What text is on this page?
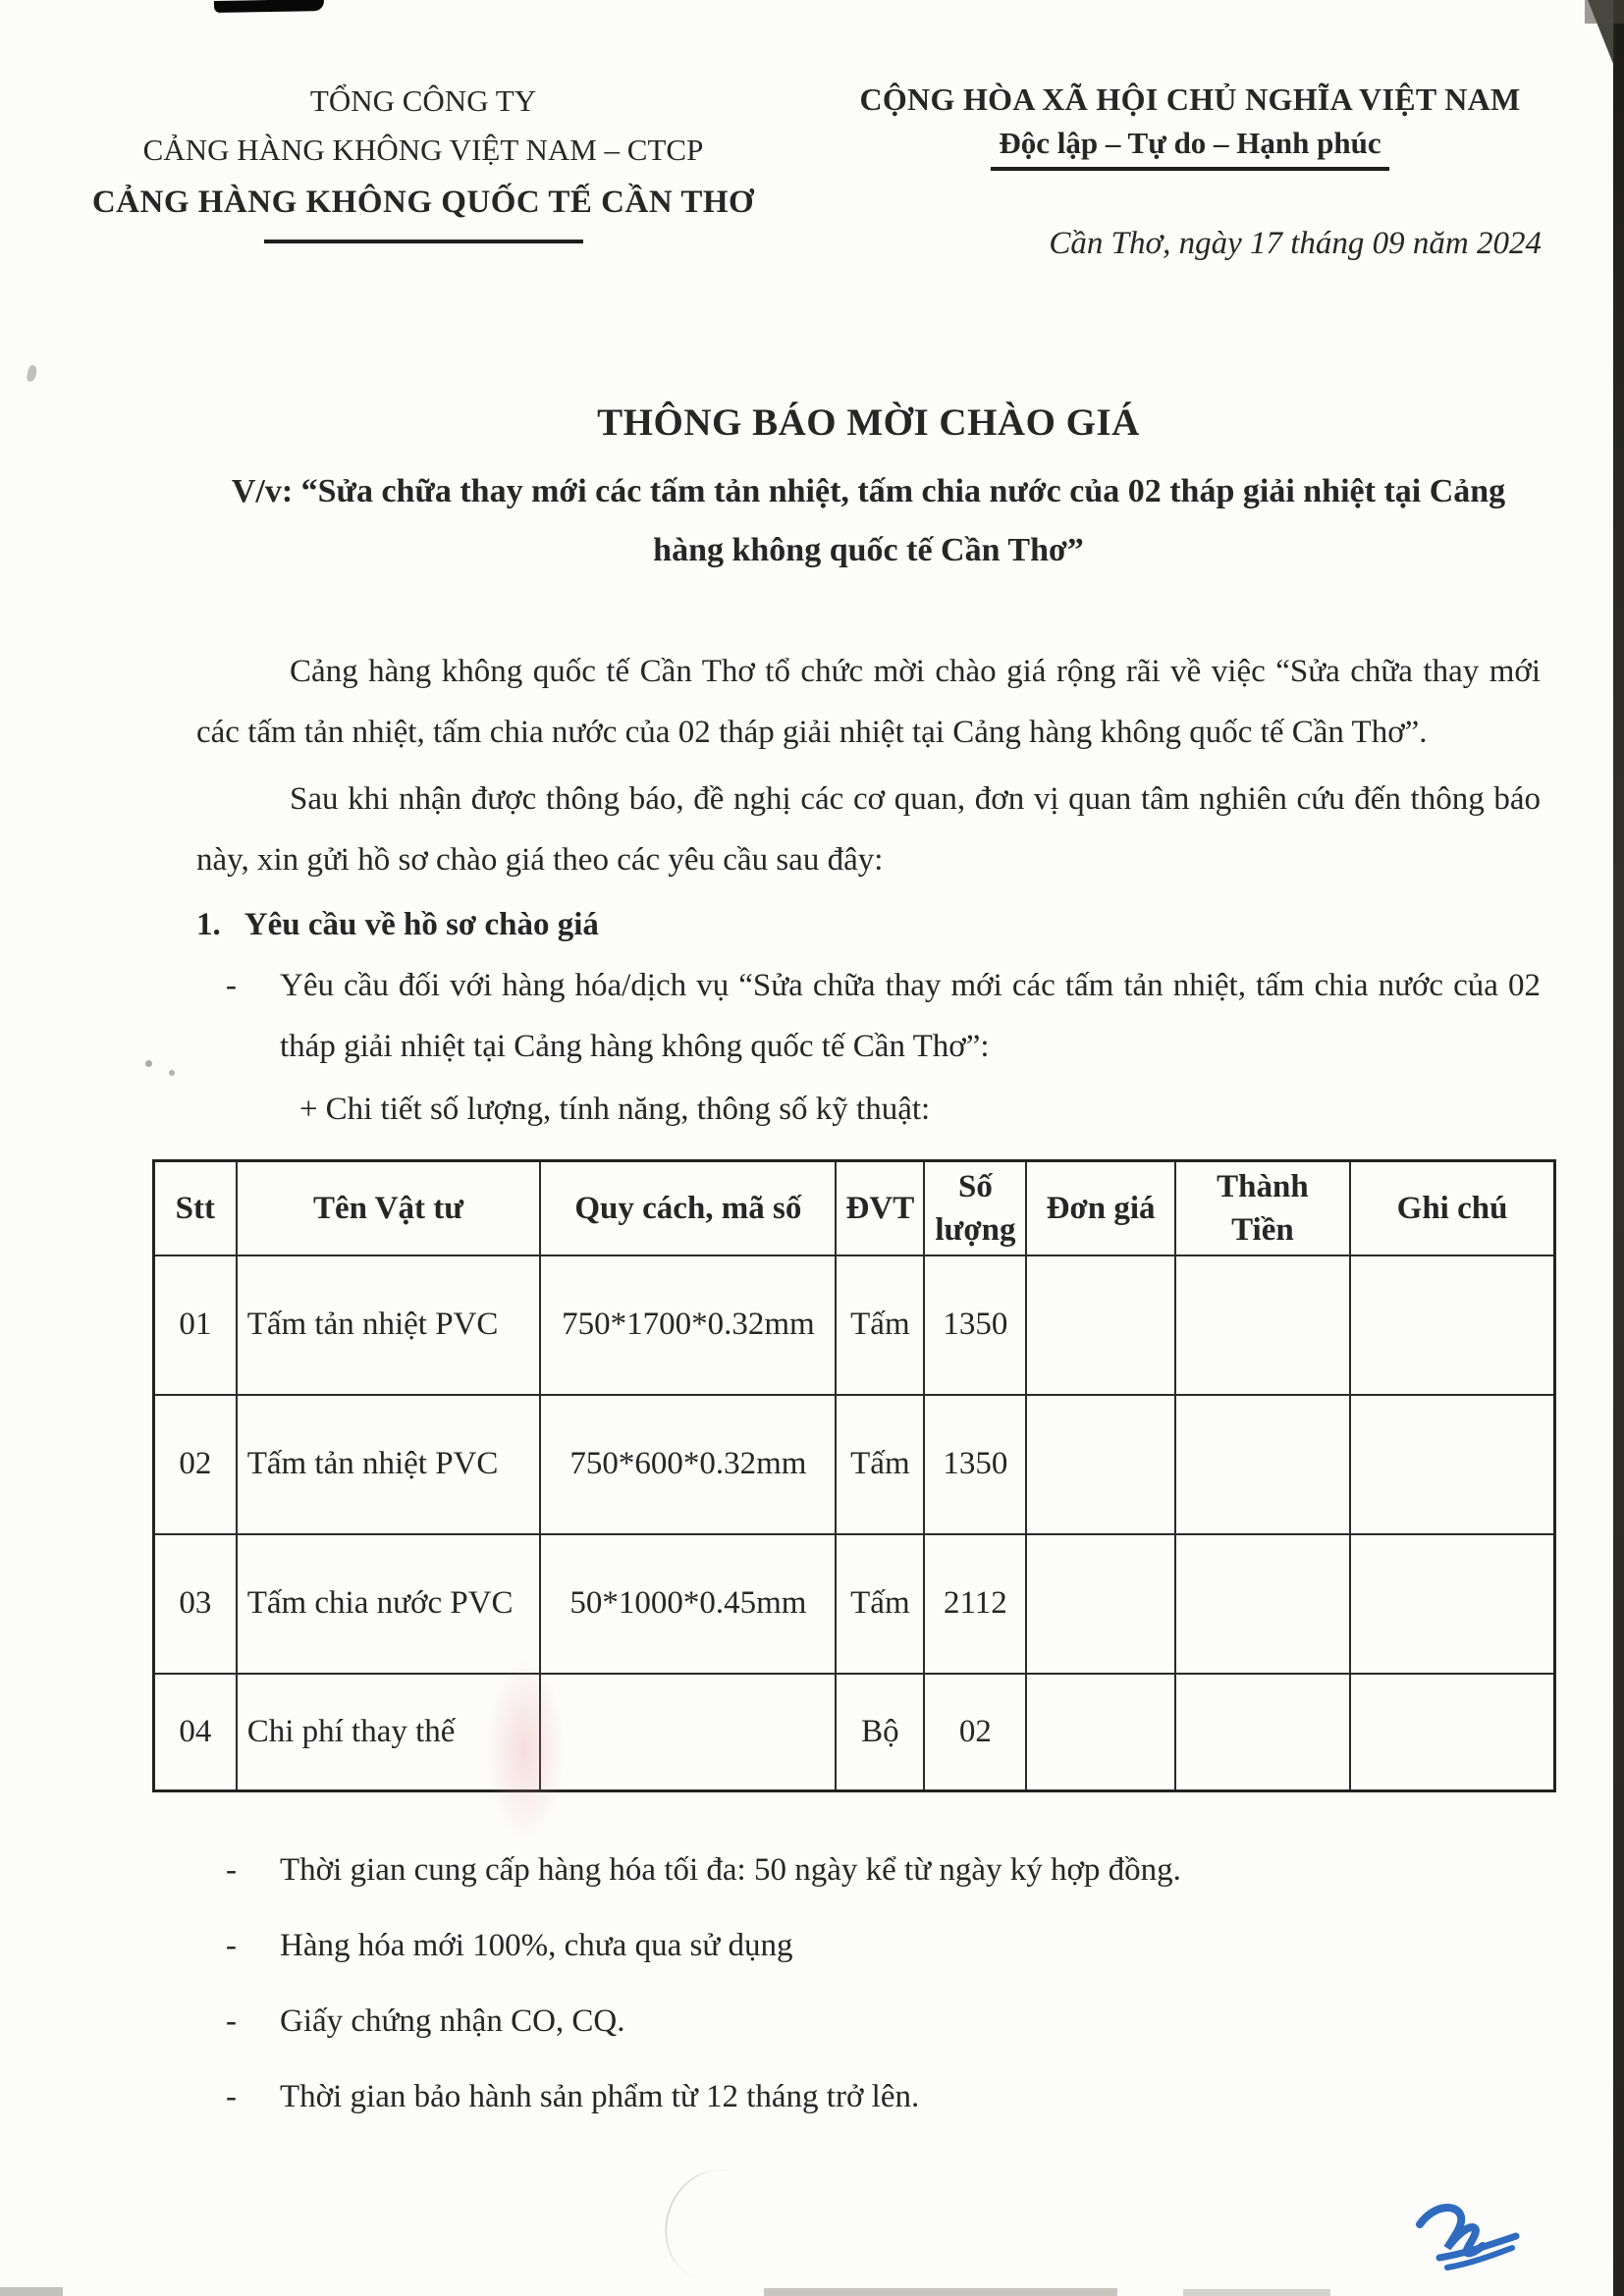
TỔNG CÔNG TY
CẢNG HÀNG KHÔNG VIỆT NAM – CTCP
CẢNG HÀNG KHÔNG QUỐC TẾ CẦN THƠ
CỘNG HÒA XÃ HỘI CHỦ NGHĨA VIỆT NAM
Độc lập – Tự do – Hạnh phúc
Cần Thơ, ngày 17 tháng 09 năm 2024
THÔNG BÁO MỜI CHÀO GIÁ
V/v: “Sửa chữa thay mới các tấm tản nhiệt, tấm chia nước của 02 tháp giải nhiệt tại Cảng hàng không quốc tế Cần Thơ”

Cảng hàng không quốc tế Cần Thơ tổ chức mời chào giá rộng rãi về việc “Sửa chữa thay mới các tấm tản nhiệt, tấm chia nước của 02 tháp giải nhiệt tại Cảng hàng không quốc tế Cần Thơ”.

Sau khi nhận được thông báo, đề nghị các cơ quan, đơn vị quan tâm nghiên cứu đến thông báo này, xin gửi hồ sơ chào giá theo các yêu cầu sau đây:

1. Yêu cầu về hồ sơ chào giá
-	Yêu cầu đối với hàng hóa/dịch vụ “Sửa chữa thay mới các tấm tản nhiệt, tấm chia nước của 02 tháp giải nhiệt tại Cảng hàng không quốc tế Cần Thơ”:

+ Chi tiết số lượng, tính năng, thông số kỹ thuật:
Stt	Tên Vật tư	Quy cách, mã số	ĐVT	Số lượng	Đơn giá	Thành Tiền	Ghi chú
01	Tấm tản nhiệt PVC	750*1700*0.32mm	Tấm	1350			
02	Tấm tản nhiệt PVC	750*600*0.32mm	Tấm	1350			
03	Tấm chia nước PVC	50*1000*0.45mm	Tấm	2112			
04	Chi phí thay thế		Bộ	02			
-	Thời gian cung cấp hàng hóa tối đa: 50 ngày kể từ ngày ký hợp đồng.
-	Hàng hóa mới 100%, chưa qua sử dụng
-	Giấy chứng nhận CO, CQ.
-	Thời gian bảo hành sản phẩm từ 12 tháng trở lên.
